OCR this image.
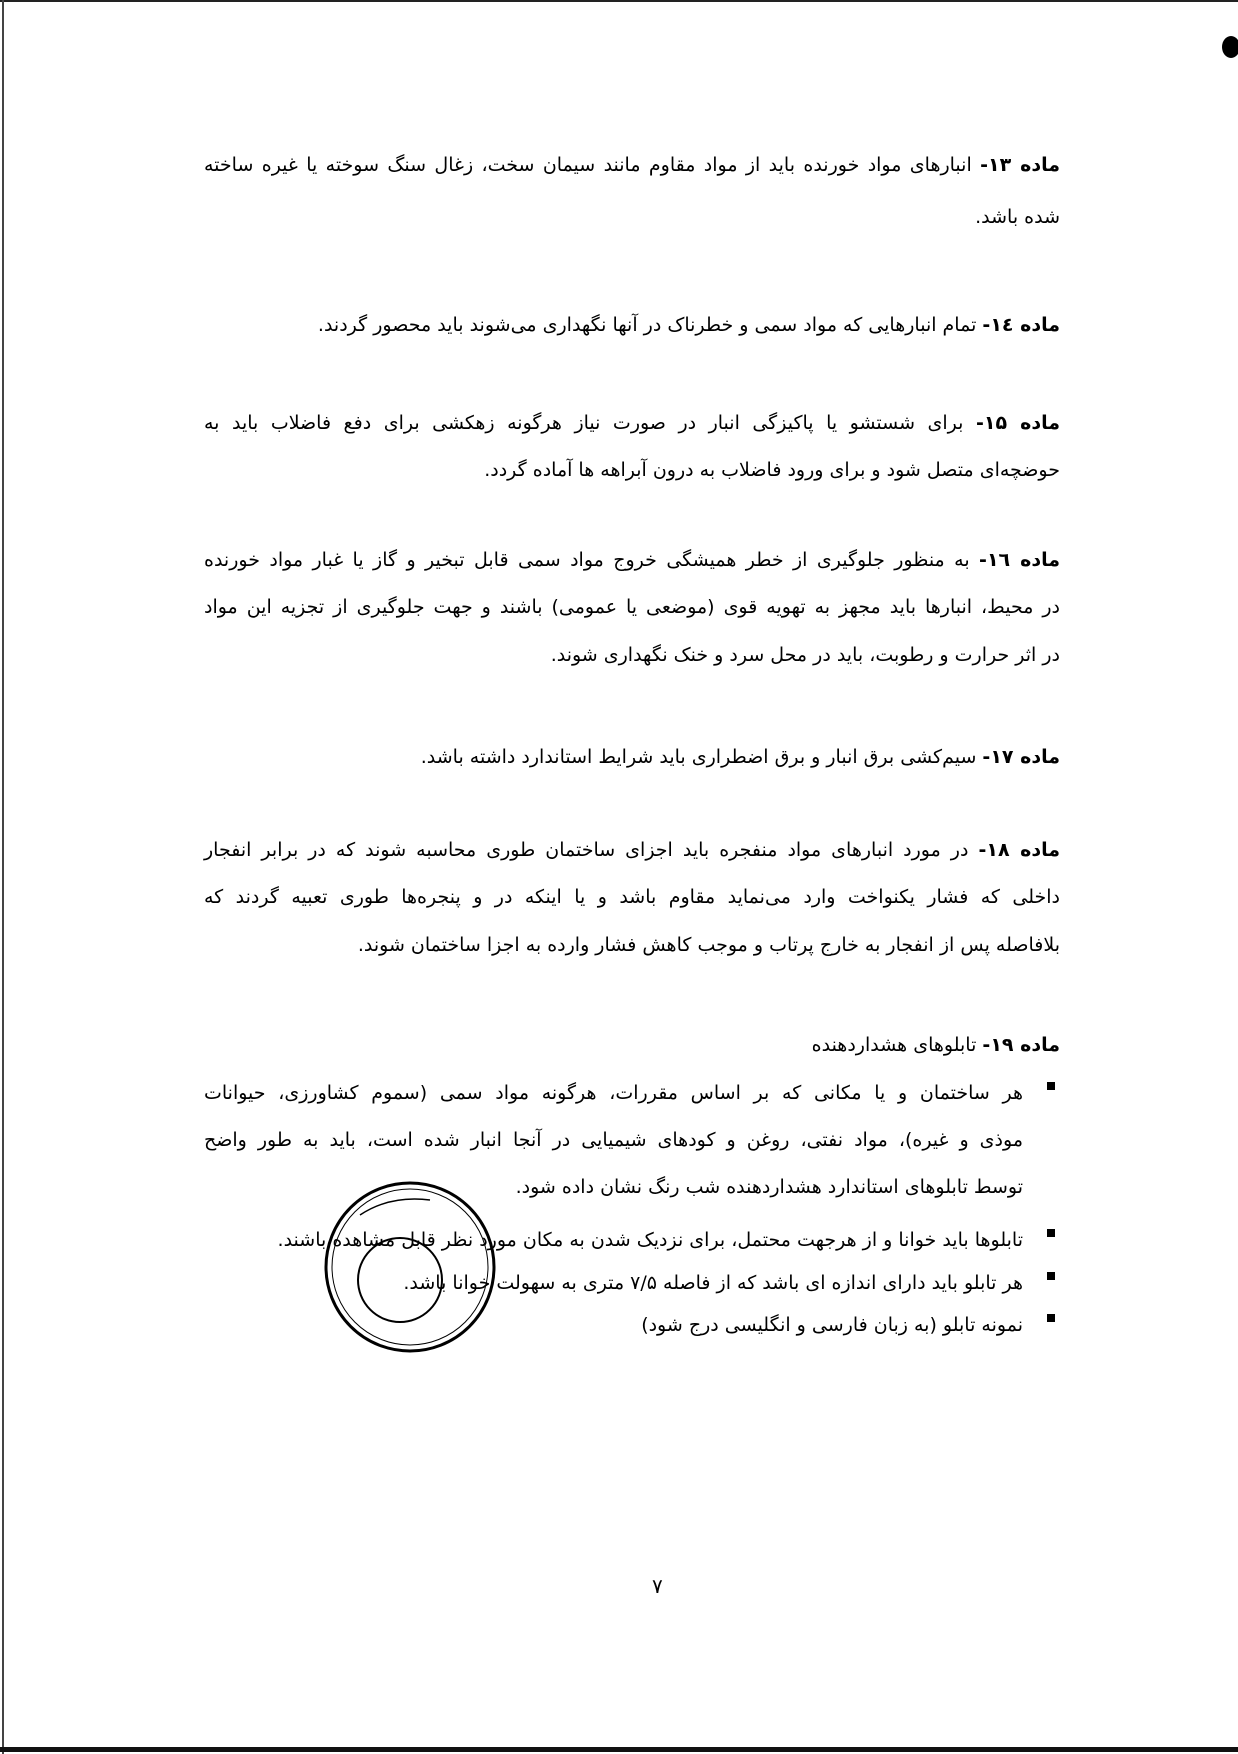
ماده ۱۳- انبارهای مواد خورنده باید از مواد مقاوم مانند سیمان سخت، زغال سنگ سوخته یا غیره ساخته
شده باشد.
ماده ۱٤- تمام انبارهایی که مواد سمی و خطرناک در آنها نگهداری می‌شوند باید محصور گردند.
ماده ۱۵- برای شستشو یا پاکیزگی انبار در صورت نیاز هرگونه زهکشی برای دفع فاضلاب باید به
حوضچه‌ای متصل شود و برای ورود فاضلاب به درون آبراهه ها آماده گردد.
ماده ۱٦- به منظور جلوگیری از خطر همیشگی خروج مواد سمی قابل تبخیر و گاز یا غبار مواد خورنده
در محیط، انبارها باید مجهز به تهویه قوی (موضعی یا عمومی) باشند و جهت جلوگیری از تجزیه این مواد
در اثر حرارت و رطوبت، باید در محل سرد و خنک نگهداری شوند.
ماده ۱۷- سیم‌کشی برق انبار و برق اضطراری باید شرایط استاندارد داشته باشد.
ماده ۱۸- در مورد انبارهای مواد منفجره باید اجزای ساختمان طوری محاسبه شوند که در برابر انفجار
داخلی که فشار یکنواخت وارد می‌نماید مقاوم باشد و یا اینکه در و پنجره‌ها طوری تعبیه گردند که
بلافاصله پس از انفجار به خارج پرتاب و موجب کاهش فشار وارده به اجزا ساختمان شوند.
ماده ۱۹- تابلوهای هشداردهنده
هر ساختمان و یا مکانی که بر اساس مقررات، هرگونه مواد سمی (سموم کشاورزی، حیوانات
موذی و غیره)، مواد نفتی، روغن و کودهای شیمیایی در آنجا انبار شده است، باید به طور واضح
توسط تابلوهای استاندارد هشداردهنده شب رنگ نشان داده شود.
تابلوها باید خوانا و از هرجهت محتمل، برای نزدیک شدن به مکان مورد نظر قابل مشاهده باشند.
هر تابلو باید دارای اندازه ای باشد که از فاصله ۷/۵ متری به سهولت خوانا باشد.
نمونه تابلو (به زبان فارسی و انگلیسی درج شود)
۷
